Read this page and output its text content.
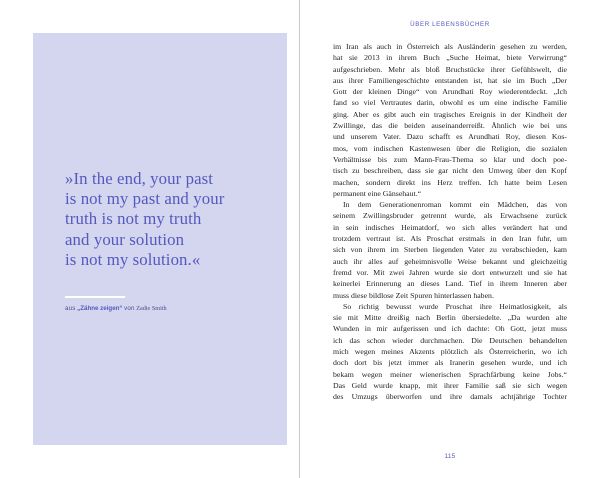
»In the end, your past
is not my past and your
truth is not my truth
and your solution
is not my solution.«

aus „Zähne zeigen“ von Zadie Smith
ÜBER LEBENSBÜCHER
im Iran als auch in Österreich als Ausländerin gesehen zu werden,
hat sie 2013 in ihrem Buch „Suche Heimat, biete Verwirrung“
aufgeschrieben. Mehr als bloß Bruchstücke ihrer Gefühlswelt, die
aus ihrer Familiengeschichte entstanden ist, hat sie im Buch „Der
Gott der kleinen Dinge“ von Arundhati Roy wiederentdeckt. „Ich
fand so viel Vertrautes darin, obwohl es um eine indische Familie
ging. Aber es gibt auch ein tragisches Ereignis in der Kindheit der
Zwillinge, das die beiden auseinanderreißt. Ähnlich wie bei uns
und unserem Vater. Dazu schafft es Arundhati Roy, diesen Kos-
mos, vom indischen Kastenwesen über die Religion, die sozialen
Verhältnisse bis zum Mann-Frau-Thema so klar und doch poe-
tisch zu beschreiben, dass sie gar nicht den Umweg über den Kopf
machen, sondern direkt ins Herz treffen. Ich hatte beim Lesen
permanent eine Gänsehaut.“
In dem Generationenroman kommt ein Mädchen, das von
seinem Zwillingsbruder getrennt wurde, als Erwachsene zurück
in sein indisches Heimatdorf, wo sich alles verändert hat und
trotzdem vertraut ist. Als Proschat erstmals in den Iran fuhr, um
sich von ihrem im Sterben liegenden Vater zu verabschieden, kam
auch ihr alles auf geheimnisvolle Weise bekannt und gleichzeitig
fremd vor. Mit zwei Jahren wurde sie dort entwurzelt und sie hat
keinerlei Erinnerung an dieses Land. Tief in ihrem Inneren aber
muss diese bildlose Zeit Spuren hinterlassen haben.
So richtig bewusst wurde Proschat ihre Heimatlosigkeit, als
sie mit Mitte dreißig nach Berlin übersiedelte. „Da wurden alte
Wunden in mir aufgerissen und ich dachte: Oh Gott, jetzt muss
ich das schon wieder durchmachen. Die Deutschen behandelten
mich wegen meines Akzents plötzlich als Österreicherin, wo ich
doch dort bis jetzt immer als Iranerin gesehen wurde, und ich
bekam wegen meiner wienerischen Sprachfärbung keine Jobs.“
Das Geld wurde knapp, mit ihrer Familie saß sie sich wegen
des Umzugs überworfen und ihre damals achtjährige Tochter
115
